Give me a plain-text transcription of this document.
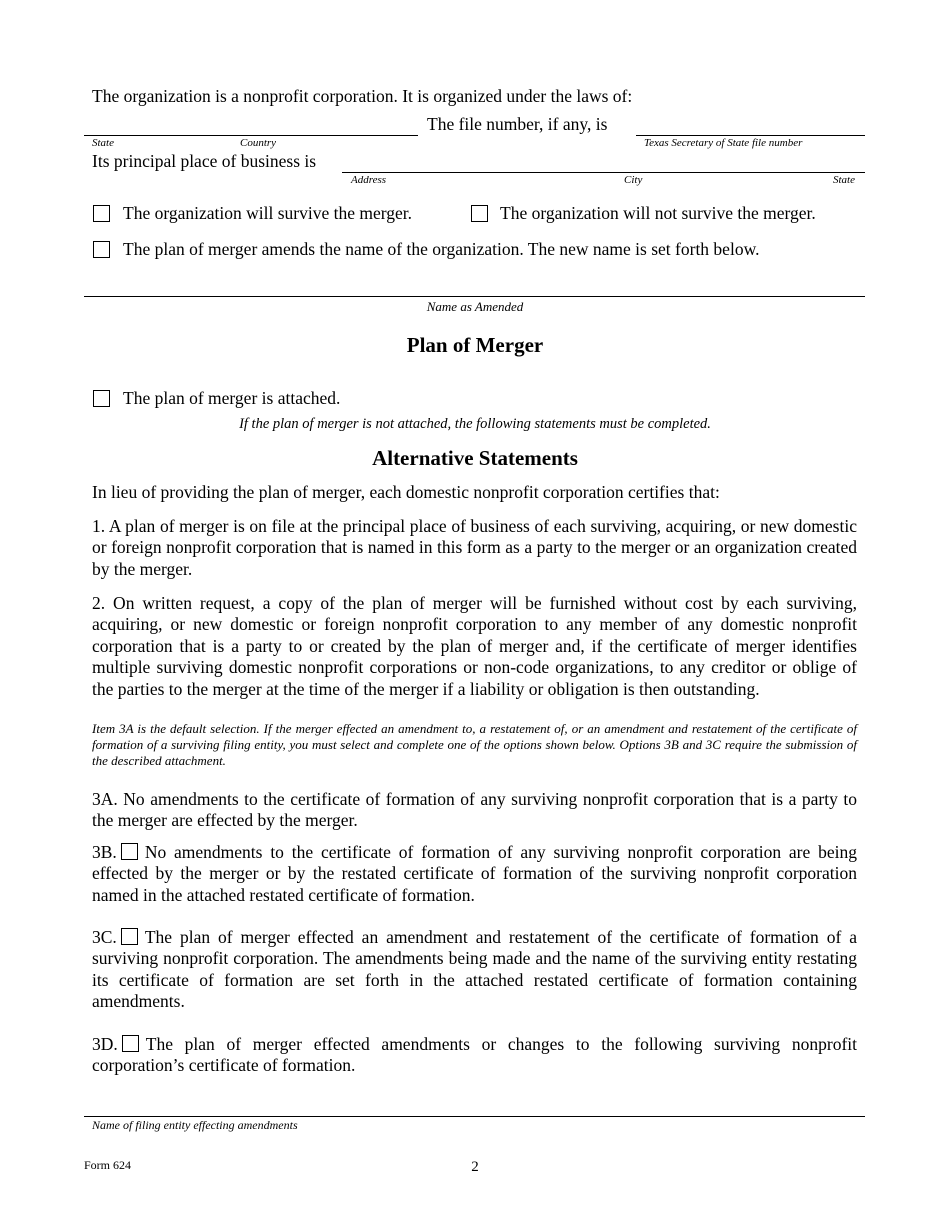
The organization is a nonprofit corporation. It is organized under the laws of:
The file number, if any, is
State	Country	Texas Secretary of State file number
Its principal place of business is
Address	City	State
The organization will survive the merger.	The organization will not survive the merger.
The plan of merger amends the name of the organization. The new name is set forth below.
Name as Amended
Plan of Merger
The plan of merger is attached.
If the plan of merger is not attached, the following statements must be completed.
Alternative Statements
In lieu of providing the plan of merger, each domestic nonprofit corporation certifies that:
1. A plan of merger is on file at the principal place of business of each surviving, acquiring, or new domestic or foreign nonprofit corporation that is named in this form as a party to the merger or an organization created by the merger.
2. On written request, a copy of the plan of merger will be furnished without cost by each surviving, acquiring, or new domestic or foreign nonprofit corporation to any member of any domestic nonprofit corporation that is a party to or created by the plan of merger and, if the certificate of merger identifies multiple surviving domestic nonprofit corporations or non-code organizations, to any creditor or oblige of the parties to the merger at the time of the merger if a liability or obligation is then outstanding.
Item 3A is the default selection. If the merger effected an amendment to, a restatement of, or an amendment and restatement of the certificate of formation of a surviving filing entity, you must select and complete one of the options shown below. Options 3B and 3C require the submission of the described attachment.
3A. No amendments to the certificate of formation of any surviving nonprofit corporation that is a party to the merger are effected by the merger.
3B. No amendments to the certificate of formation of any surviving nonprofit corporation are being effected by the merger or by the restated certificate of formation of the surviving nonprofit corporation named in the attached restated certificate of formation.
3C. The plan of merger effected an amendment and restatement of the certificate of formation of a surviving nonprofit corporation. The amendments being made and the name of the surviving entity restating its certificate of formation are set forth in the attached restated certificate of formation containing amendments.
3D. The plan of merger effected amendments or changes to the following surviving nonprofit corporation’s certificate of formation.
Name of filing entity effecting amendments
Form 624	2
